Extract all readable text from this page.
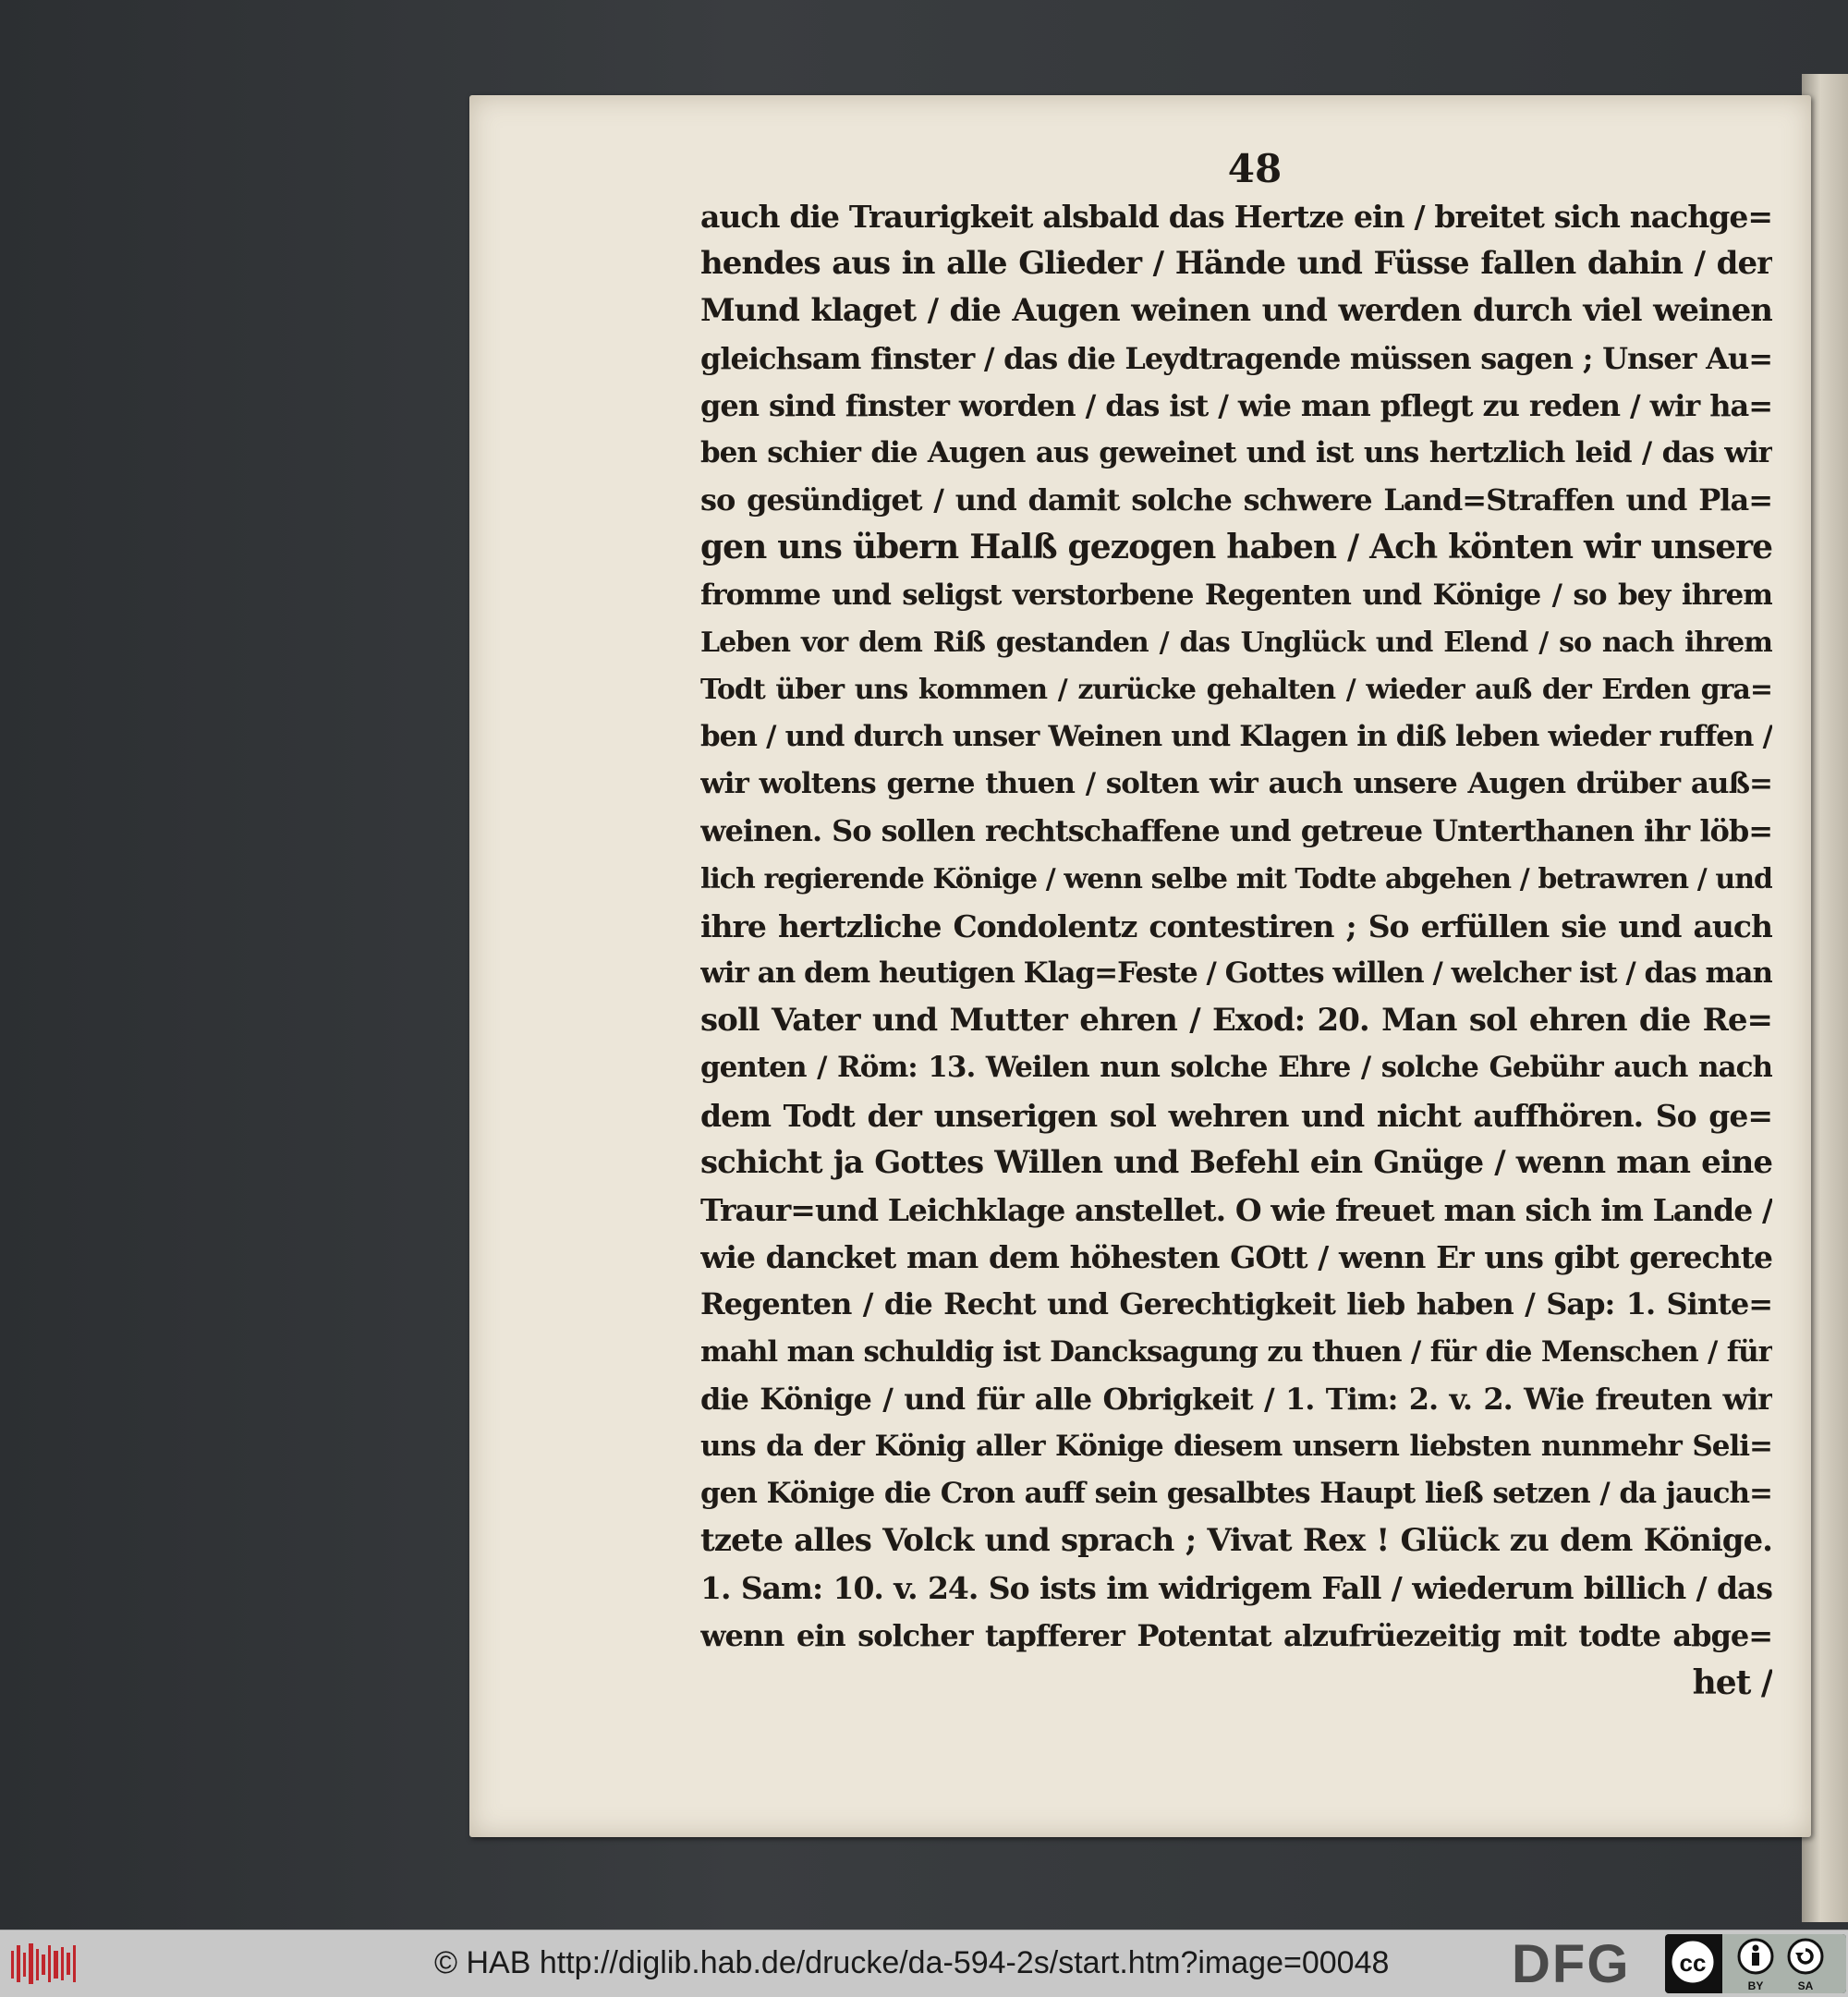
48
auch die Traurigkeit alsbald das Hertze ein / breitet sich nachge=
hendes aus in alle Glieder / Hände und Füsse fallen dahin / der
Mund klaget / die Augen weinen und werden durch viel weinen
gleichsam finster / das die Leydtragende müssen sagen ; Unser Au=
gen sind finster worden / das ist / wie man pflegt zu reden / wir ha=
ben schier die Augen aus geweinet und ist uns hertzlich leid / das wir
so gesündiget / und damit solche schwere Land=Straffen und Pla=
gen uns übern Halß gezogen haben / Ach könten wir unsere
fromme und seligst verstorbene Regenten und Könige / so bey ihrem
Leben vor dem Riß gestanden / das Unglück und Elend / so nach ihrem
Todt über uns kommen / zurücke gehalten / wieder auß der Erden gra=
ben / und durch unser Weinen und Klagen in diß leben wieder ruffen /
wir woltens gerne thuen / solten wir auch unsere Augen drüber auß=
weinen. So sollen rechtschaffene und getreue Unterthanen ihr löb=
lich regierende Könige / wenn selbe mit Todte abgehen / betrawren / und
ihre hertzliche Condolentz contestiren ; So erfüllen sie und auch
wir an dem heutigen Klag=Feste / Gottes willen / welcher ist / das man
soll Vater und Mutter ehren / Exod: 20. Man sol ehren die Re=
genten / Röm: 13. Weilen nun solche Ehre / solche Gebühr auch nach
dem Todt der unserigen sol wehren und nicht auffhören. So ge=
schicht ja Gottes Willen und Befehl ein Gnüge / wenn man eine
Traur=und Leichklage anstellet. O wie freuet man sich im Lande /
wie dancket man dem höhesten GOtt / wenn Er uns gibt gerechte
Regenten / die Recht und Gerechtigkeit lieb haben / Sap: 1. Sinte=
mahl man schuldig ist Dancksagung zu thuen / für die Menschen / für
die Könige / und für alle Obrigkeit / 1. Tim: 2. v. 2. Wie freuten wir
uns da der König aller Könige diesem unsern liebsten nunmehr Seli=
gen Könige die Cron auff sein gesalbtes Haupt ließ setzen / da jauch=
tzete alles Volck und sprach ; Vivat Rex ! Glück zu dem Könige.
1. Sam: 10. v. 24. So ists im widrigem Fall / wiederum billich / das
wenn ein solcher tapfferer Potentat alzufrüezeitig mit todte abge=
het /
© HAB http://diglib.hab.de/drucke/da-594-2s/start.htm?image=00048 DFG cc
BY	SA
